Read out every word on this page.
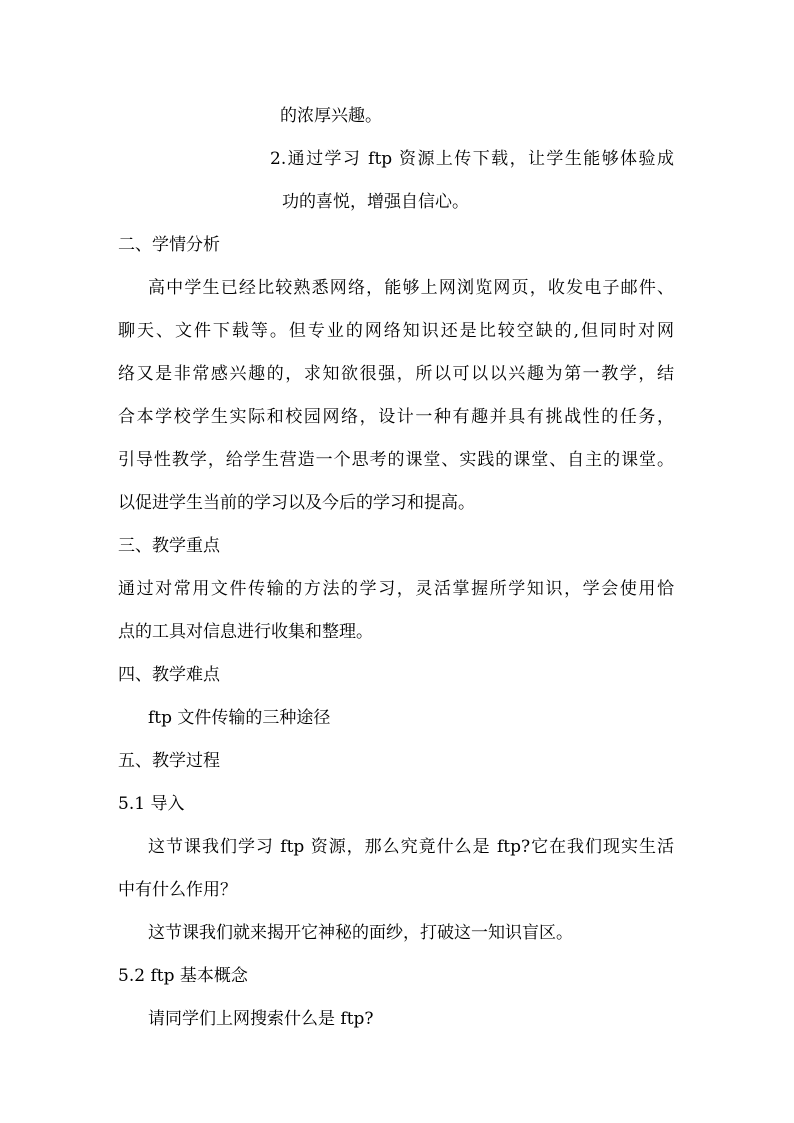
的浓厚兴趣。
2.通过学习 ftp 资源上传下载，让学生能够体验成
功的喜悦，增强自信心。
二、学情分析
高中学生已经比较熟悉网络，能够上网浏览网页，收发电子邮件、
聊天、文件下载等。但专业的网络知识还是比较空缺的,但同时对网
络又是非常感兴趣的，求知欲很强，所以可以以兴趣为第一教学，结
合本学校学生实际和校园网络，设计一种有趣并具有挑战性的任务，
引导性教学，给学生营造一个思考的课堂、实践的课堂、自主的课堂。
以促进学生当前的学习以及今后的学习和提高。
三、教学重点
通过对常用文件传输的方法的学习，灵活掌握所学知识，学会使用恰
点的工具对信息进行收集和整理。
四、教学难点
ftp 文件传输的三种途径
五、教学过程
5.1 导入
这节课我们学习 ftp 资源，那么究竟什么是 ftp?它在我们现实生活
中有什么作用？
这节课我们就来揭开它神秘的面纱，打破这一知识盲区。
5.2 ftp 基本概念
请同学们上网搜索什么是 ftp?
